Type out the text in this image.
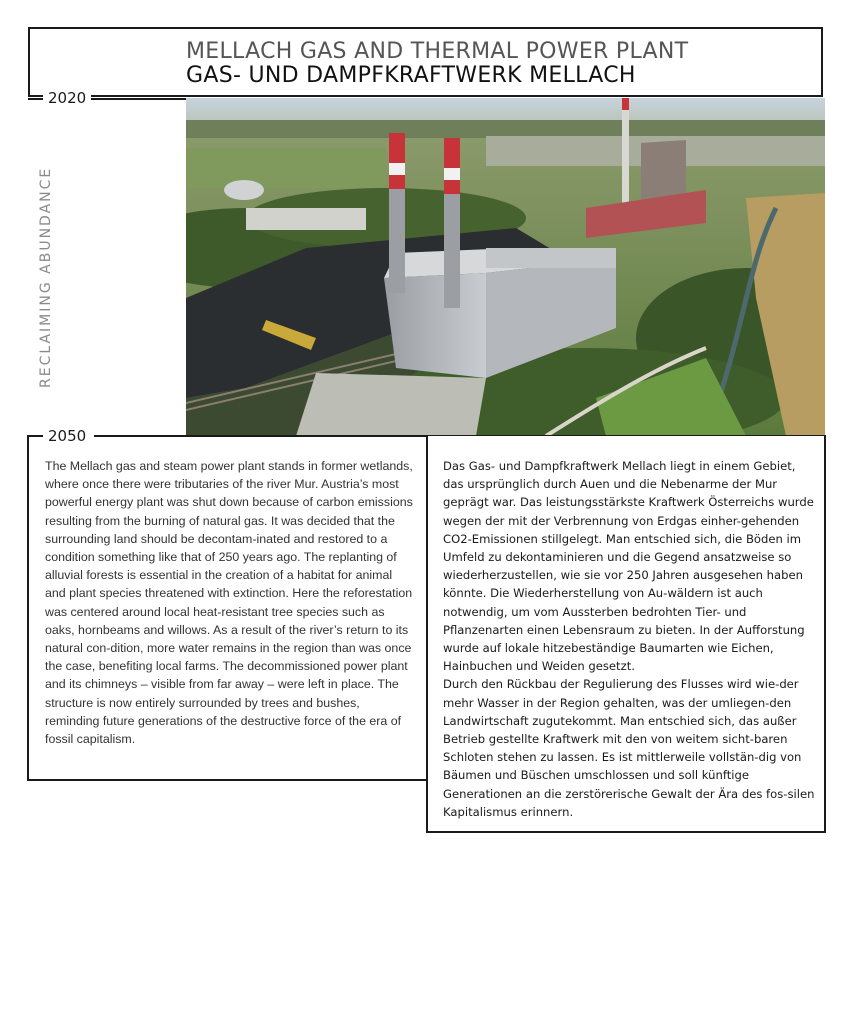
MELLACH GAS AND THERMAL POWER PLANT
GAS- UND DAMPFKRAFTWERK MELLACH
2020
RECLAIMING ABUNDANCE
2050

The Mellach gas and steam power plant stands in former wetlands, where once there were tributaries of the river Mur. Austria’s most powerful energy plant was shut down because of carbon emissions resulting from the burning of natural gas. It was decided that the surrounding land should be decontam-inated and restored to a condition something like that of 250 years ago. The replanting of alluvial forests is essential in the creation of a habitat for animal and plant species threatened with extinction. Here the reforestation was centered around local heat-resistant tree species such as oaks, hornbeams and willows. As a result of the river’s return to its natural con-dition, more water remains in the region than was once the case, benefiting local farms. The decommissioned power plant and its chimneys – visible from far away – were left in place. The structure is now entirely surrounded by trees and bushes, reminding future generations of the destructive force of the era of fossil capitalism.

Das Gas- und Dampfkraftwerk Mellach liegt in einem Gebiet, das ursprünglich durch Auen und die Nebenarme der Mur geprägt war. Das leistungsstärkste Kraftwerk Österreichs wurde wegen der mit der Verbrennung von Erdgas einher-gehenden CO2-Emissionen stillgelegt. Man entschied sich, die Böden im Umfeld zu dekontaminieren und die Gegend ansatzweise so wiederherzustellen, wie sie vor 250 Jahren ausgesehen haben könnte. Die Wiederherstellung von Au-wäldern ist auch notwendig, um vom Aussterben bedrohten Tier- und Pflanzenarten einen Lebensraum zu bieten. In der Aufforstung wurde auf lokale hitzebeständige Baumarten wie Eichen, Hainbuchen und Weiden gesetzt.

Durch den Rückbau der Regulierung des Flusses wird wie-der mehr Wasser in der Region gehalten, was der umliegen-den Landwirtschaft zugutekommt. Man entschied sich, das außer Betrieb gestellte Kraftwerk mit den von weitem sicht-baren Schloten stehen zu lassen. Es ist mittlerweile vollstän-dig von Bäumen und Büschen umschlossen und soll künftige Generationen an die zerstörerische Gewalt der Ära des fos-silen Kapitalismus erinnern.
